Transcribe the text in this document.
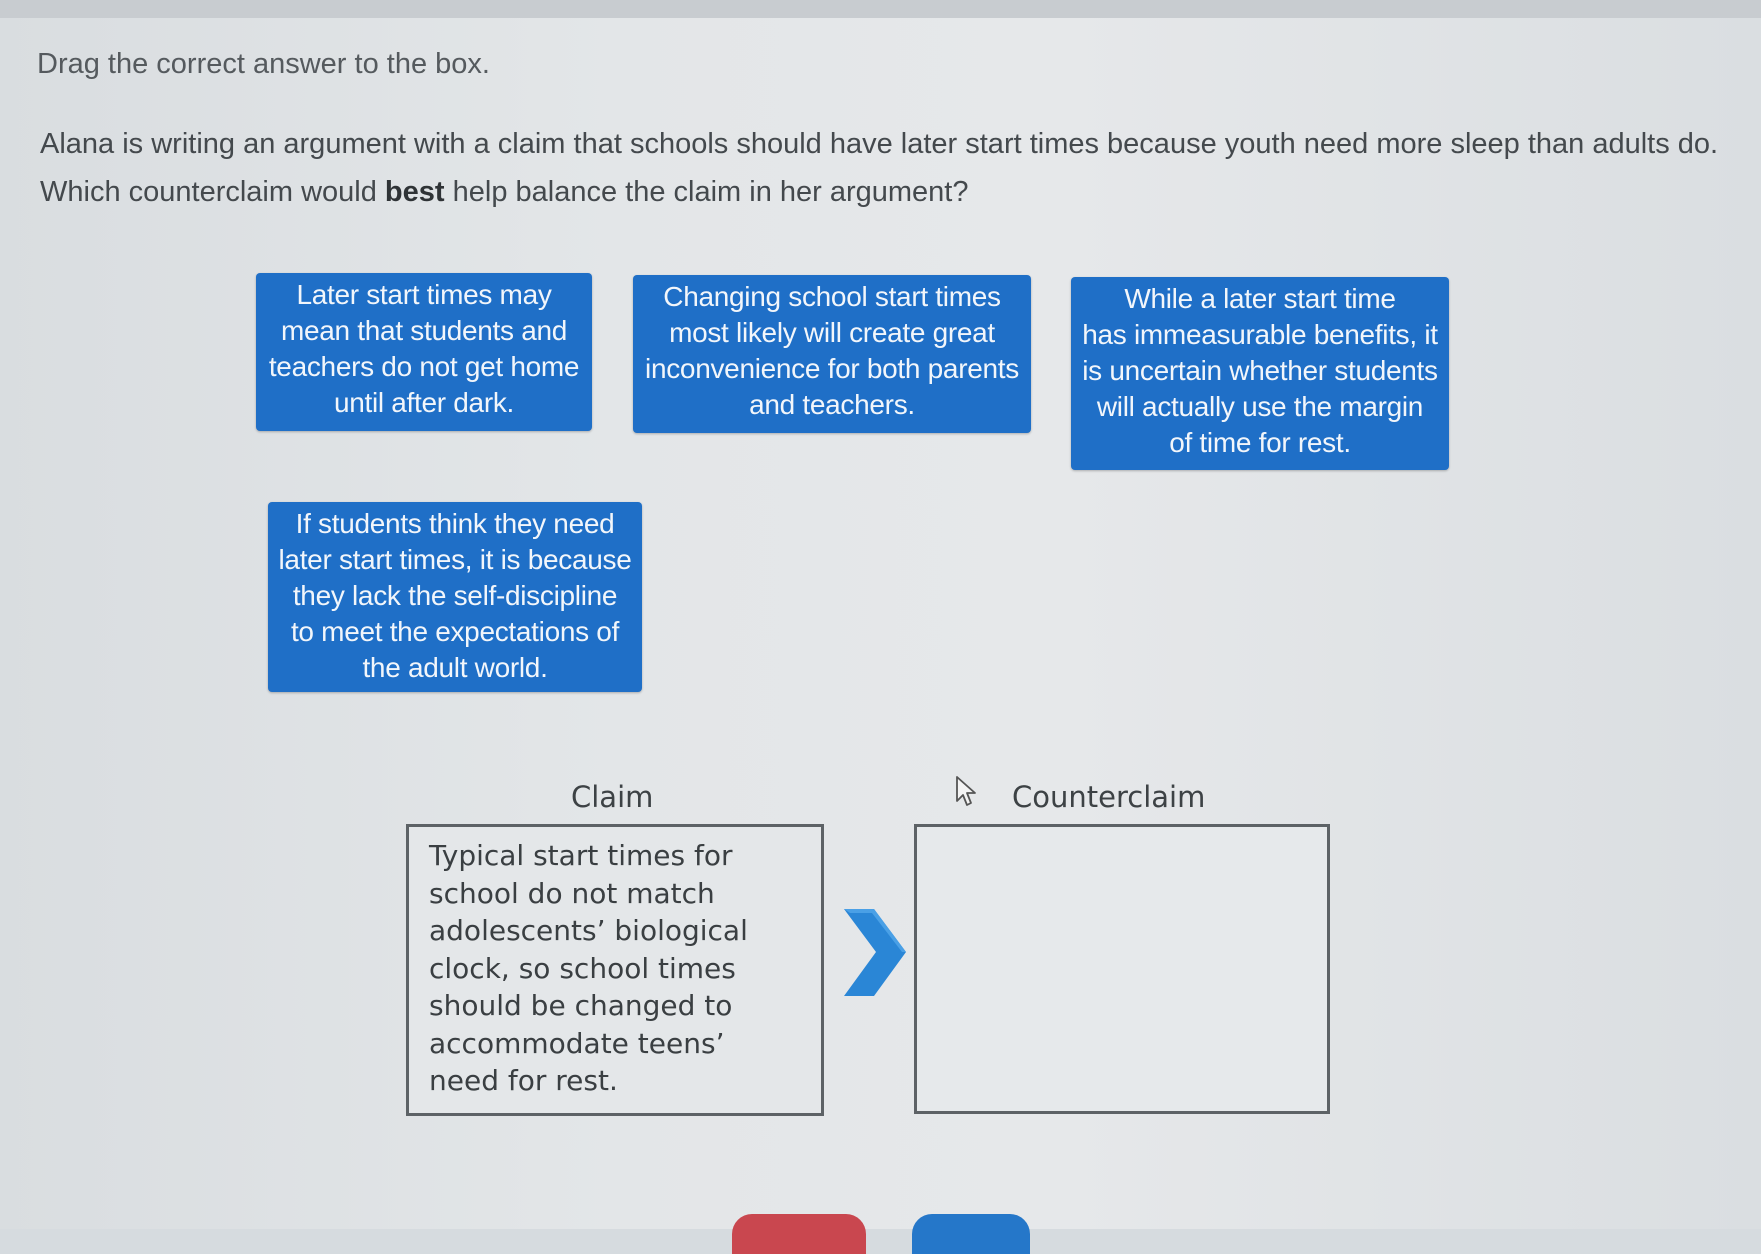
Drag the correct answer to the box.
Alana is writing an argument with a claim that schools should have later start times because youth need more sleep than adults do.
Which counterclaim would best help balance the claim in her argument?
Later start times may
mean that students and
teachers do not get home
until after dark.
Changing school start times
most likely will create great
inconvenience for both parents
and teachers.
While a later start time
has immeasurable benefits, it
is uncertain whether students
will actually use the margin
of time for rest.
If students think they need
later start times, it is because
they lack the self-discipline
to meet the expectations of
the adult world.
Claim	Counterclaim
Typical start times for
school do not match
adolescents’ biological
clock, so school times
should be changed to
accommodate teens’
need for rest.
